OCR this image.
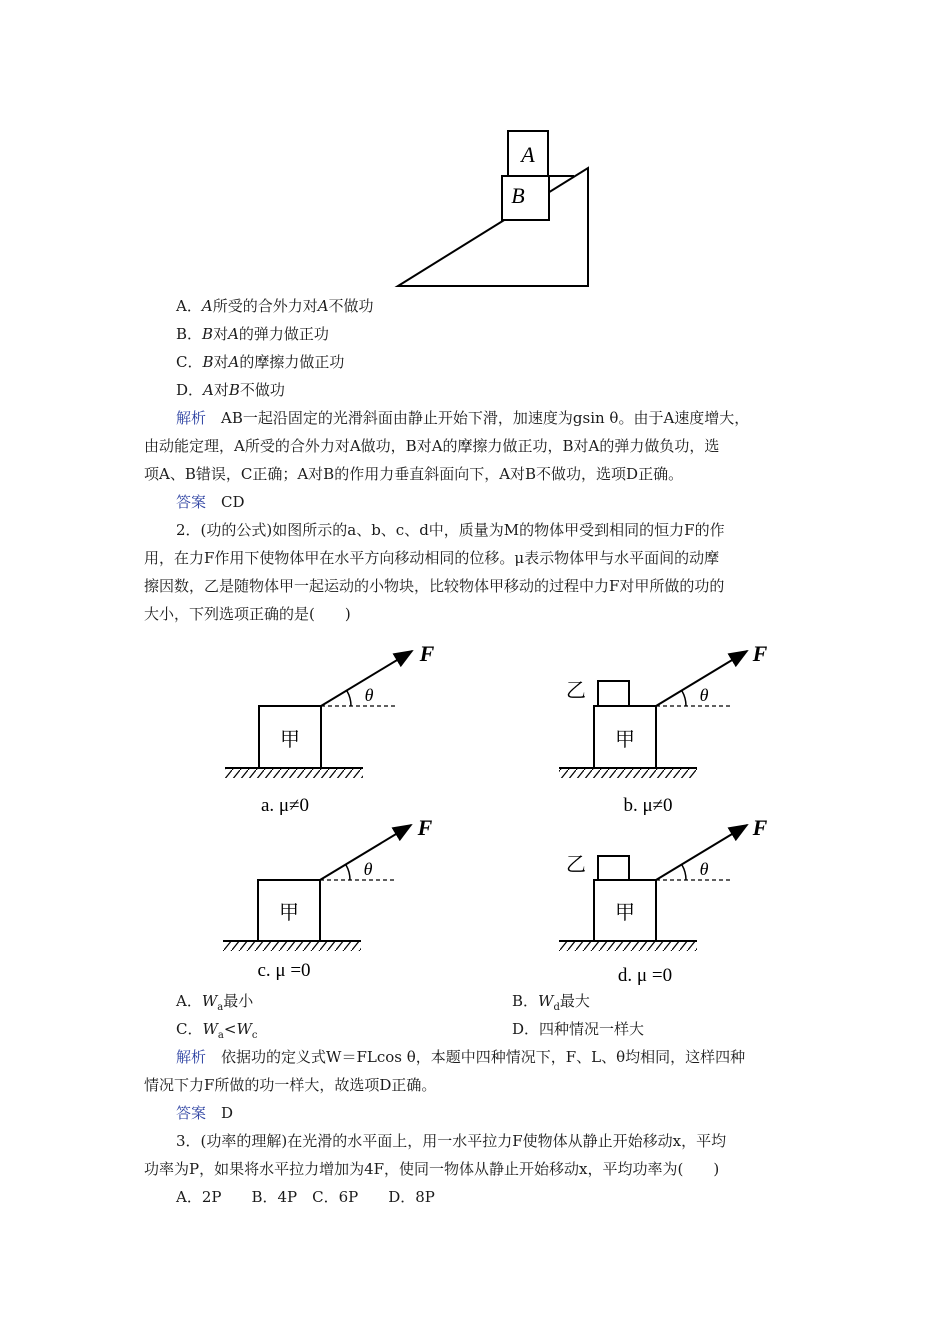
A
B
A．A所受的合外力对A不做功
B．B对A的弹力做正功
C．B对A的摩擦力做正功
D．A对B不做功
解析　 AB一起沿固定的光滑斜面由静止开始下滑，加速度为gsin θ。由于A速度增大，
由动能定理，A所受的合外力对A做功，B对A的摩擦力做正功，B对A的弹力做负功，选
项A、B错误，C正确；A对B的作用力垂直斜面向下，A对B不做功，选项D正确。
答案　 CD
2．(功的公式)如图所示的a、b、c、d中，质量为M的物体甲受到相同的恒力F的作
用，在力F作用下使物体甲在水平方向移动相同的位移。μ表示物体甲与水平面间的动摩
擦因数，乙是随物体甲一起运动的小物块，比较物体甲移动的过程中力F对甲所做的功的
大小，下列选项正确的是(　　)
甲
θ
F
a. μ≠0
甲
乙	θ
F
b. μ≠0
甲
θ
F
c. μ =0
甲
乙	θ
F
d. μ =0
A．$W_a$最小	B．$W_d$最大
C．$W_a<W_c$	D．四种情况一样大
解析　 依据功的定义式W＝FLcos θ，本题中四种情况下，F、L、θ均相同，这样四种
情况下力F所做的功一样大，故选项D正确。
答案　 D
3．(功率的理解)在光滑的水平面上，用一水平拉力F使物体从静止开始移动x，平均
功率为P，如果将水平拉力增加为4F，使同一物体从静止开始移动x，平均功率为(　　)
A．2P　　B．4P　C．6P　　D．8P
